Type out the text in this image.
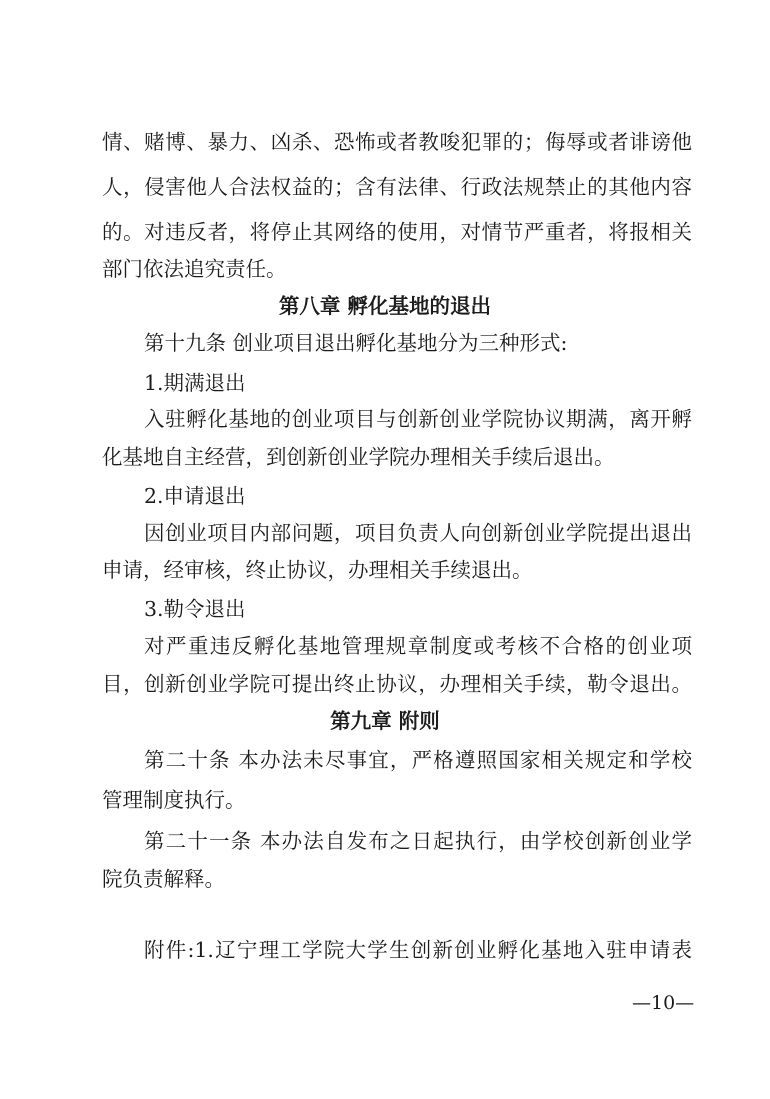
情、赌博、暴力、凶杀、恐怖或者教唆犯罪的；侮辱或者诽谤他
人，侵害他人合法权益的；含有法律、行政法规禁止的其他内容
的。对违反者，将停止其网络的使用，对情节严重者，将报相关
部门依法追究责任。
第八章 孵化基地的退出
第十九条 创业项目退出孵化基地分为三种形式:
1.期满退出
入驻孵化基地的创业项目与创新创业学院协议期满，离开孵
化基地自主经营，到创新创业学院办理相关手续后退出。
2.申请退出
因创业项目内部问题，项目负责人向创新创业学院提出退出
申请，经审核，终止协议，办理相关手续退出。
3.勒令退出
对严重违反孵化基地管理规章制度或考核不合格的创业项
目，创新创业学院可提出终止协议，办理相关手续，勒令退出。
第九章 附则
第二十条 本办法未尽事宜，严格遵照国家相关规定和学校
管理制度执行。
第二十一条 本办法自发布之日起执行，由学校创新创业学
院负责解释。
附件:1.辽宁理工学院大学生创新创业孵化基地入驻申请表
—10—
